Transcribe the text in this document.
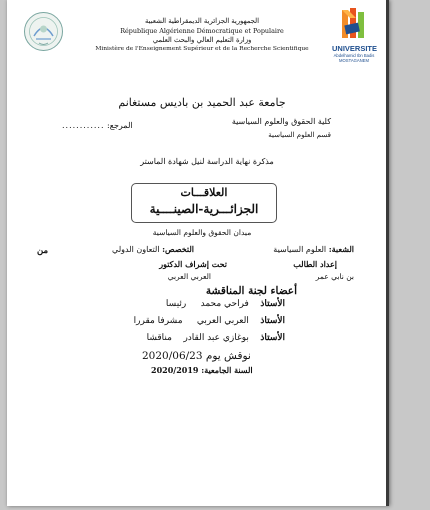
الجمهورية الجزائرية الديمقراطية الشعبية
République Algérienne Démocratique et Populaire
وزارة التعليم العالي والبحث العلمي
Ministère de l'Enseignement Supérieur et de la Recherche Scientifique	UNIVERSITE
Abdelhamid Ibn Badis MOSTAGANEM
جامعة عبد الحميد بن باديس مستغانم
كلية الحقوق والعلوم السياسية
قسم العلوم السياسية
المرجع:
............
مذكرة نهاية الدراسة لنيل شهادة الماستر
العلاقـــات
الجزائـــرية-الصينــــية
ميدان الحقوق والعلوم السياسية
الشعبة: العلوم السياسية
التخصص: التعاون الدولي
من
إعداد الطالب
تحت إشراف الدكتور
بن نابي عمر
العربي العربي
أعضاء لجنة المناقشة
الأستاذ    فراحي محمد     رئيسا
الأستاذ    العربي العربي     مشرفا مقررا
الأستاذ    بوغازي عبد القادر    مناقشا
نوقش يوم 2020/06/23
السنة الجامعية: 2020/2019
